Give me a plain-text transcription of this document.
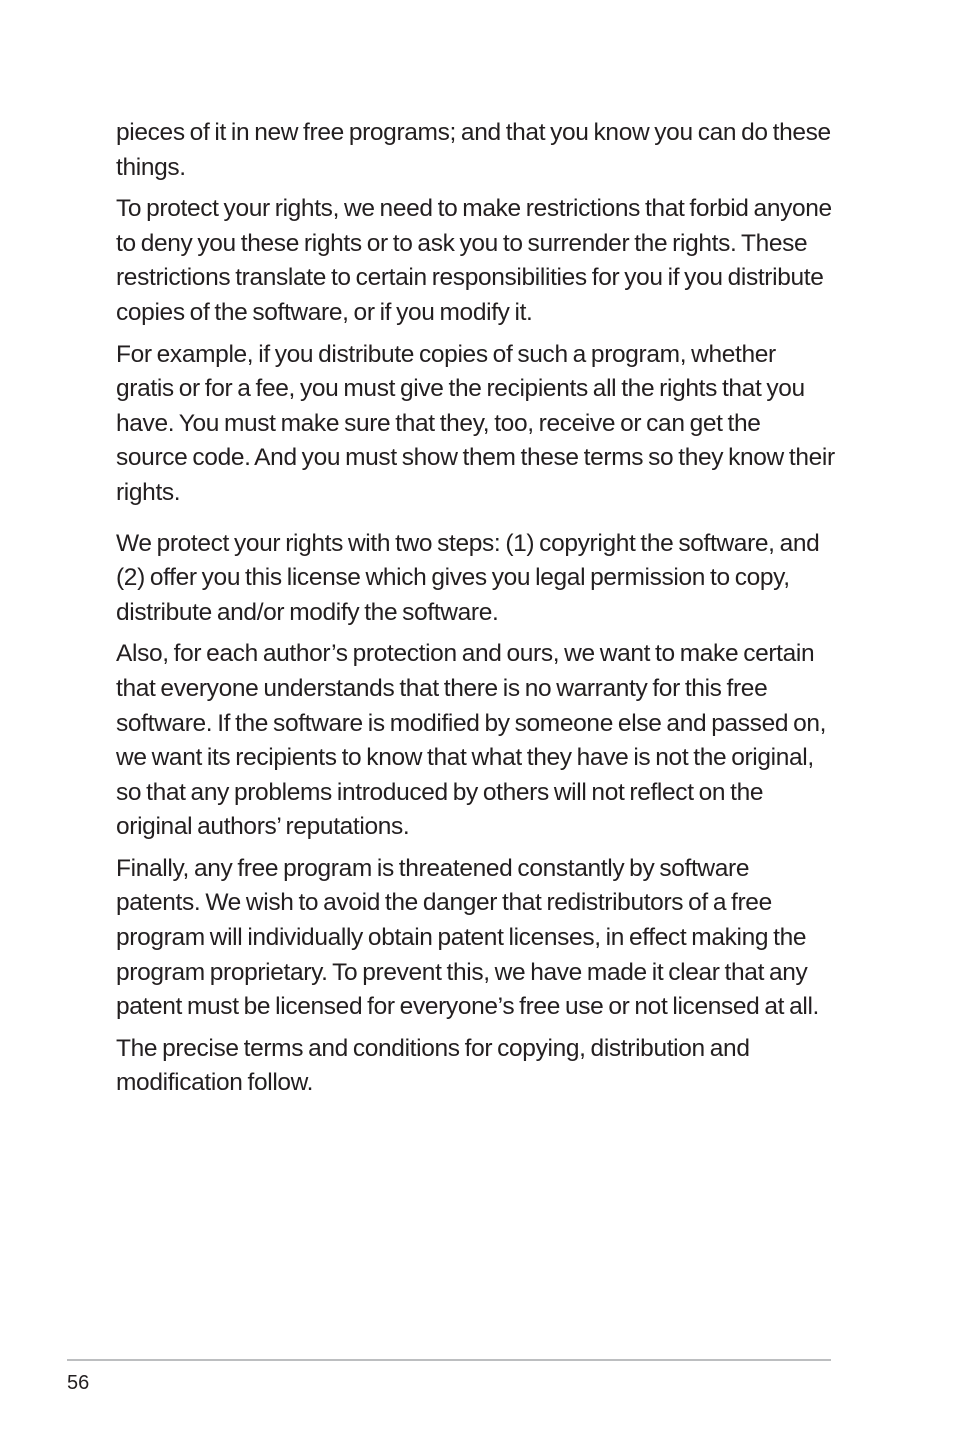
pieces of it in new free programs; and that you know you can do these things.

To protect your rights, we need to make restrictions that forbid anyone to deny you these rights or to ask you to surrender the rights. These restrictions translate to certain responsibilities for you if you distribute copies of the software, or if you modify it.

For example, if you distribute copies of such a program, whether gratis or for a fee, you must give the recipients all the rights that you have. You must make sure that they, too, receive or can get the source code. And you must show them these terms so they know their rights.

We protect your rights with two steps: (1) copyright the software, and (2) offer you this license which gives you legal permission to copy, distribute and/or modify the software.

Also, for each author’s protection and ours, we want to make certain that everyone understands that there is no warranty for this free software. If the software is modified by someone else and passed on, we want its recipients to know that what they have is not the original, so that any problems introduced by others will not reflect on the original authors’ reputations.

Finally, any free program is threatened constantly by software patents. We wish to avoid the danger that redistributors of a free program will individually obtain patent licenses, in effect making the program proprietary. To prevent this, we have made it clear that any patent must be licensed for everyone’s free use or not licensed at all.

The precise terms and conditions for copying, distribution and modification follow.

56
